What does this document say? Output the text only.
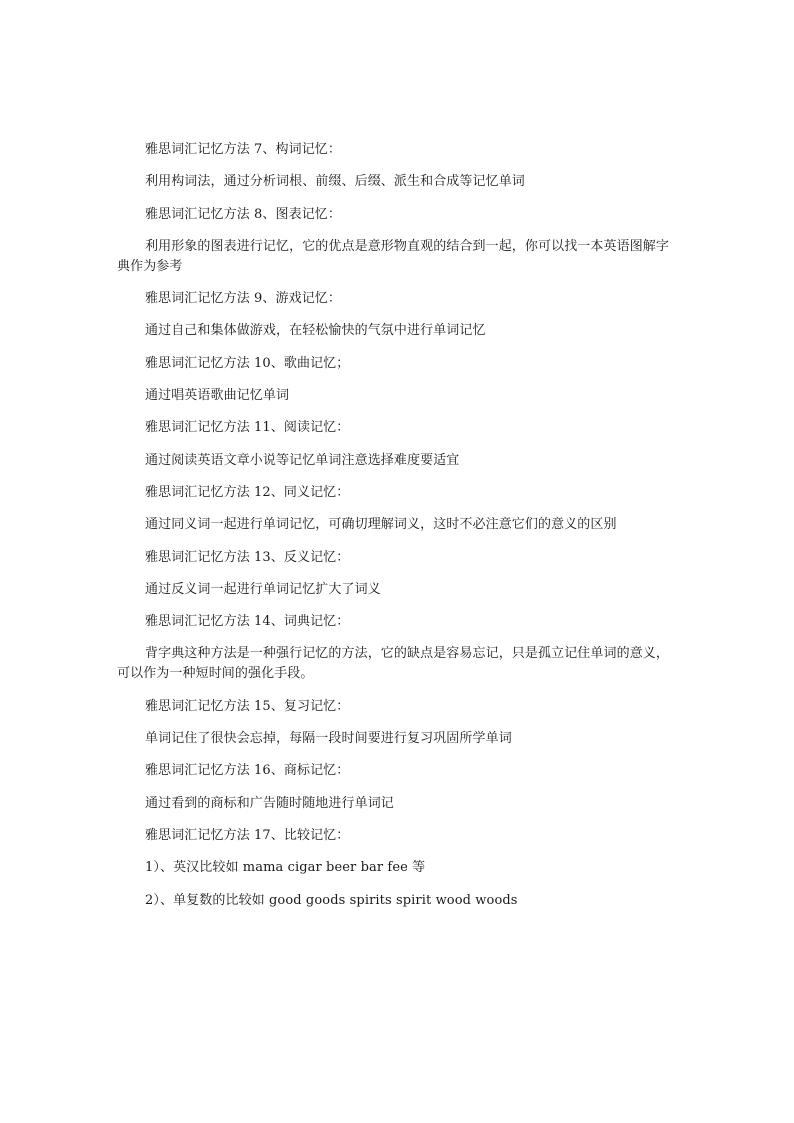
雅思词汇记忆方法 7、构词记忆：

利用构词法，通过分析词根、前缀、后缀、派生和合成等记忆单词

雅思词汇记忆方法 8、图表记忆：

利用形象的图表进行记忆，它的优点是意形物直观的结合到一起，你可以找一本英语图解字典作为参考

雅思词汇记忆方法 9、游戏记忆：

通过自己和集体做游戏，在轻松愉快的气氛中进行单词记忆

雅思词汇记忆方法 10、歌曲记忆；

通过唱英语歌曲记忆单词

雅思词汇记忆方法 11、阅读记忆：

通过阅读英语文章小说等记忆单词注意选择难度要适宜

雅思词汇记忆方法 12、同义记忆：

通过同义词一起进行单词记忆，可确切理解词义，这时不必注意它们的意义的区别

雅思词汇记忆方法 13、反义记忆：

通过反义词一起进行单词记忆扩大了词义

雅思词汇记忆方法 14、词典记忆：

背字典这种方法是一种强行记忆的方法，它的缺点是容易忘记，只是孤立记住单词的意义，可以作为一种短时间的强化手段。

雅思词汇记忆方法 15、复习记忆：

单词记住了很快会忘掉，每隔一段时间要进行复习巩固所学单词

雅思词汇记忆方法 16、商标记忆：

通过看到的商标和广告随时随地进行单词记

雅思词汇记忆方法 17、比较记忆：

1）、英汉比较如 mama cigar beer bar fee 等

2）、单复数的比较如 good goods spirits spirit wood woods
